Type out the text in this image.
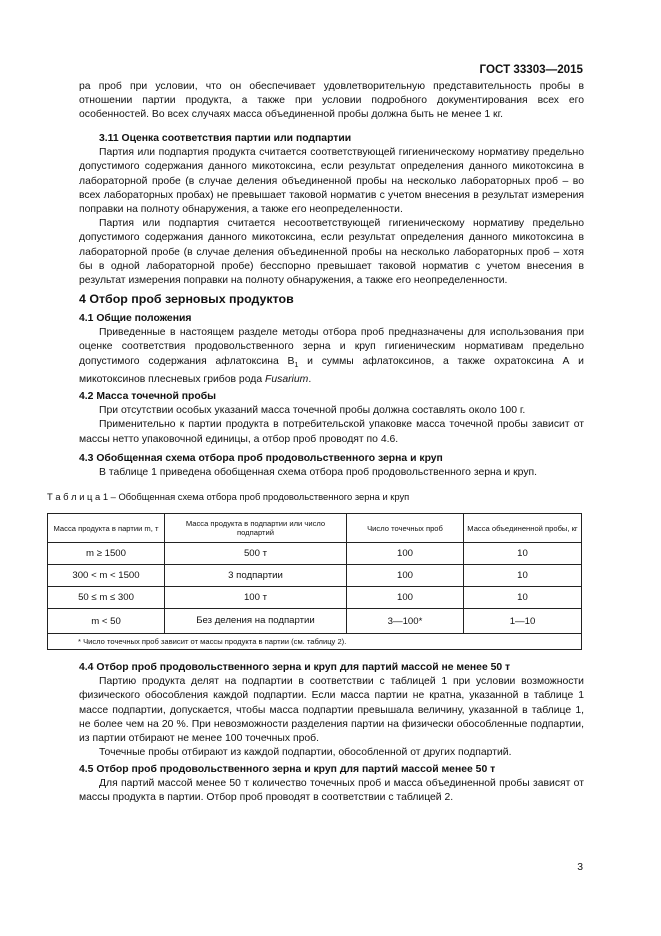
ГОСТ 33303—2015

ра проб при условии, что он обеспечивает удовлетворительную представительность пробы в отношении партии продукта, а также при условии подробного документирования всех его особенностей. Во всех случаях масса объединенной пробы должна быть не менее 1 кг.

3.11 Оценка соответствия партии или подпартии

Партия или подпартия продукта считается соответствующей гигиеническому нормативу предельно допустимого содержания данного микотоксина, если результат определения данного микотоксина в лабораторной пробе (в случае деления объединенной пробы на несколько лабораторных проб – во всех лабораторных пробах) не превышает таковой норматив с учетом внесения в результат измерения поправки на полноту обнаружения, а также его неопределенности.

Партия или подпартия считается несоответствующей гигиеническому нормативу предельно допустимого содержания данного микотоксина, если результат определения данного микотоксина в лабораторной пробе (в случае деления объединенной пробы на несколько лабораторных проб – хотя бы в одной лабораторной пробе) бесспорно превышает таковой норматив с учетом внесения в результат измерения поправки на полноту обнаружения, а также его неопределенности.

4 Отбор проб зерновых продуктов

4.1 Общие положения

Приведенные в настоящем разделе методы отбора проб предназначены для использования при оценке соответствия продовольственного зерна и круп гигиеническим нормативам предельно допустимого содержания афлатоксина $B_1$ и суммы афлатоксинов, а также охратоксина А и микотоксинов плесневых грибов рода Fusarium.

4.2 Масса точечной пробы

При отсутствии особых указаний масса точечной пробы должна составлять около 100 г.

Применительно к партии продукта в потребительской упаковке масса точечной пробы зависит от массы нетто упаковочной единицы, а отбор проб проводят по 4.6.

4.3 Обобщенная схема отбора проб продовольственного зерна и круп

В таблице 1 приведена обобщенная схема отбора проб продовольственного зерна и круп.

Т а б л и ц а 1 – Обобщенная схема отбора проб продовольственного зерна и круп
Масса продукта в партии m, т	Масса продукта в подпартии или число подпартий	Число точечных проб	Масса объединенной пробы, кг
m ≥ 1500	500 т	100	10
300 < m < 1500	3 подпартии	100	10
50 ≤ m ≤ 300	100 т	100	10
m < 50	Без деления на подпартии	3—100*	1—10
* Число точечных проб зависит от массы продукта в партии (см. таблицу 2).			

4.4 Отбор проб продовольственного зерна и круп для партий массой не менее 50 т

Партию продукта делят на подпартии в соответствии с таблицей 1 при условии возможности физического обособления каждой подпартии. Если масса партии не кратна, указанной в таблице 1 массе подпартии, допускается, чтобы масса подпартии превышала величину, указанной в таблице 1, не более чем на 20 %. При невозможности разделения партии на физически обособленные подпартии, из партии отбирают не менее 100 точечных проб.

Точечные пробы отбирают из каждой подпартии, обособленной от других подпартий.

4.5 Отбор проб продовольственного зерна и круп для партий массой менее 50 т

Для партий массой менее 50 т количество точечных проб и масса объединенной пробы зависят от массы продукта в партии. Отбор проб проводят в соответствии с таблицей 2.

3
